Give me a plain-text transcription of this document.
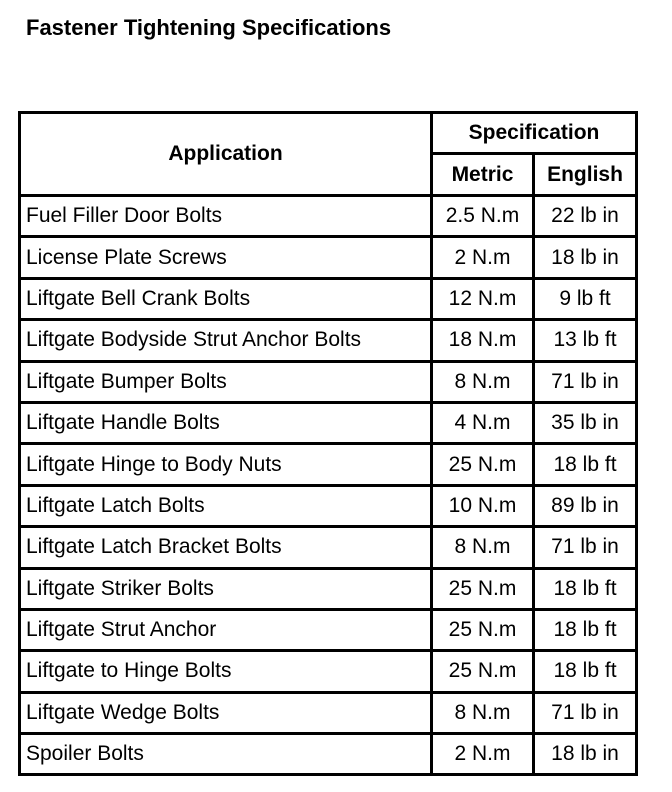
Fastener Tightening Specifications
Application	Specification	
	Metric	English
Fuel Filler Door Bolts	2.5 N.m	22 lb in
License Plate Screws	2 N.m	18 lb in
Liftgate Bell Crank Bolts	12 N.m	9 lb ft
Liftgate Bodyside Strut Anchor Bolts	18 N.m	13 lb ft
Liftgate Bumper Bolts	8 N.m	71 lb in
Liftgate Handle Bolts	4 N.m	35 lb in
Liftgate Hinge to Body Nuts	25 N.m	18 lb ft
Liftgate Latch Bolts	10 N.m	89 lb in
Liftgate Latch Bracket Bolts	8 N.m	71 lb in
Liftgate Striker Bolts	25 N.m	18 lb ft
Liftgate Strut Anchor	25 N.m	18 lb ft
Liftgate to Hinge Bolts	25 N.m	18 lb ft
Liftgate Wedge Bolts	8 N.m	71 lb in
Spoiler Bolts	2 N.m	18 lb in
